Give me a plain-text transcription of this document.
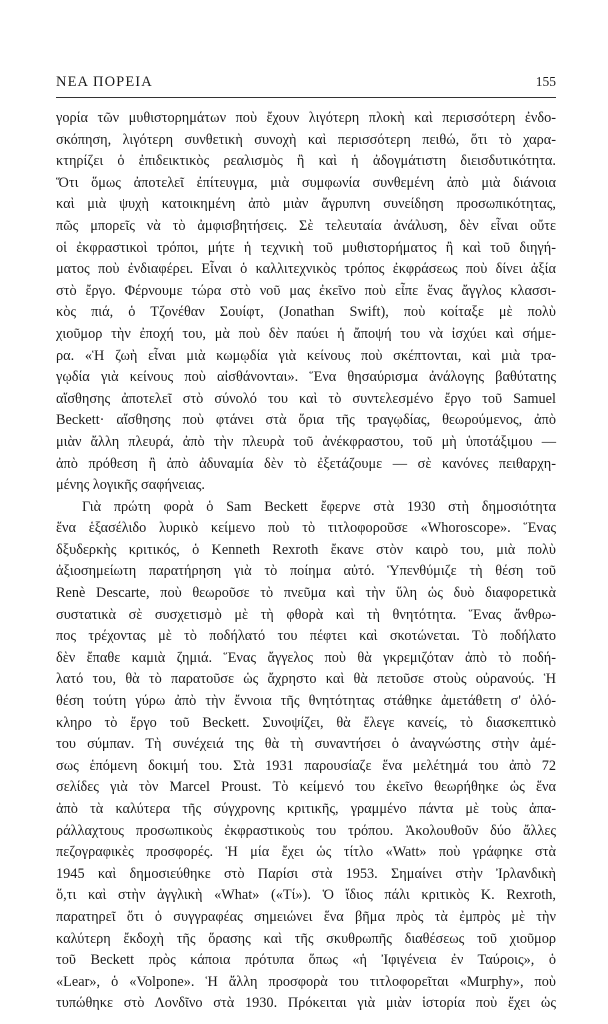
ΝΕΑ ΠΟΡΕΙΑ	155
γορία τῶν μυθιστορημάτων ποὺ ἔχουν λιγότερη πλοκὴ καὶ περισσότερη ἐνδο-
σκόπηση, λιγότερη συνθετικὴ συνοχὴ καὶ περισσότερη πειθώ, ὅτι τὸ χαρα-
κτηρίζει ὁ ἐπιδεικτικὸς ρεαλισμὸς ἢ καὶ ἡ ἀδογμάτιστη διεισδυτικότητα.
Ὅτι ὅμως ἀποτελεῖ ἐπίτευγμα, μιὰ συμφωνία συνθεμένη ἀπὸ μιὰ διάνοια
καὶ μιὰ ψυχὴ κατοικημένη ἀπὸ μιὰν ἄγρυπνη συνείδηση προσωπικότητας,
πῶς μπορεῖς νὰ τὸ ἀμφισβητήσεις. Σὲ τελευταία ἀνάλυση, δὲν εἶναι οὔτε
οἱ ἐκφραστικοὶ τρόποι, μήτε ἡ τεχνικὴ τοῦ μυθιστορήματος ἢ καὶ τοῦ διηγή-
ματος ποὺ ἐνδιαφέρει. Εἶναι ὁ καλλιτεχνικὸς τρόπος ἐκφράσεως ποὺ δίνει ἀξία
στὸ ἔργο. Φέρνουμε τώρα στὸ νοῦ μας ἐκεῖνο ποὺ εἶπε ἕνας ἄγγλος κλασσι-
κὸς πιά, ὁ Τζονέθαν Σουίφτ, (Jonathan Swift), ποὺ κοίταξε μὲ πολὺ
χιοῦμορ τὴν ἐποχή του, μὰ ποὺ δὲν παύει ἡ ἄποψή του νὰ ἰσχύει καὶ σήμε-
ρα. «Ἡ ζωὴ εἶναι μιὰ κωμῳδία γιὰ κείνους ποὺ σκέπτονται, καὶ μιὰ τρα-
γῳδία γιὰ κείνους ποὺ αἰσθάνονται». Ἕνα θησαύρισμα ἀνάλογης βαθύτατης
αἴσθησης ἀποτελεῖ στὸ σύνολό του καὶ τὸ συντελεσμένο ἔργο τοῦ Samuel
Beckett· αἴσθησης ποὺ φτάνει στὰ ὅρια τῆς τραγῳδίας, θεωρούμενος, ἀπὸ
μιὰν ἄλλη πλευρά, ἀπὸ τὴν πλευρὰ τοῦ ἀνέκφραστου, τοῦ μὴ ὑποτάξιμου —
ἀπὸ πρόθεση ἢ ἀπὸ ἀδυναμία δὲν τὸ ἐξετάζουμε — σὲ κανόνες πειθαρχη-
μένης λογικῆς σαφήνειας.
Γιὰ πρώτη φορὰ ὁ Sam Beckett ἔφερνε στὰ 1930 στὴ δημοσιότητα
ἕνα ἑξασέλιδο λυρικὸ κείμενο ποὺ τὸ τιτλοφοροῦσε «Whoroscope». Ἕνας
δξυδερκὴς κριτικός, ὁ Kenneth Rexroth ἔκανε στὸν καιρὸ του, μιὰ πολὺ
ἀξιοσημείωτη παρατήρηση γιὰ τὸ ποίημα αὐτό. Ὑπενθύμιζε τὴ θέση τοῦ
Renè Descarte, ποὺ θεωροῦσε τὸ πνεῦμα καὶ τὴν ὕλη ὡς δυὸ διαφορετικὰ
συστατικὰ σὲ συσχετισμὸ μὲ τὴ φθορὰ καὶ τὴ θνητότητα. Ἕνας ἄνθρω-
πος τρέχοντας μὲ τὸ ποδήλατό του πέφτει καὶ σκοτώνεται. Τὸ ποδήλατο
δὲν ἔπαθε καμιὰ ζημιά. Ἕνας ἄγγελος ποὺ θὰ γκρεμιζόταν ἀπὸ τὸ ποδή-
λατό του, θὰ τὸ παρατοῦσε ὡς ἄχρηστο καὶ θὰ πετοῦσε στοὺς οὐρανούς. Ἡ
θέση τούτη γύρω ἀπὸ τὴν ἔννοια τῆς θνητότητας στάθηκε ἀμετάθετη σ' ὁλό-
κληρο τὸ ἔργο τοῦ Beckett. Συνοψίζει, θὰ ἔλεγε κανείς, τὸ διασκεπτικὸ
του σύμπαν. Τὴ συνέχειά της θὰ τὴ συναντήσει ὁ ἀναγνώστης στὴν ἀμέ-
σως ἑπόμενη δοκιμή του. Στὰ 1931 παρουσίαζε ἕνα μελέτημά του ἀπὸ 72
σελίδες γιὰ τὸν Marcel Proust. Τὸ κείμενό του ἐκεῖνο θεωρήθηκε ὡς ἕνα
ἀπὸ τὰ καλύτερα τῆς σύγχρονης κριτικῆς, γραμμένο πάντα μὲ τοὺς ἀπα-
ράλλαχτους προσωπικοὺς ἐκφραστικοὺς του τρόπου. Ἀκολουθοῦν δύο ἄλλες
πεζογραφικὲς προσφορές. Ἡ μία ἔχει ὡς τίτλο «Watt» ποὺ γράφηκε στὰ
1945 καὶ δημοσιεύθηκε στὸ Παρίσι στὰ 1953. Σημαίνει στὴν Ἰρλανδικὴ
ὅ,τι καὶ στὴν ἀγγλικὴ «What» («Τί»). Ὁ ἴδιος πάλι κριτικὸς Κ. Rexroth,
παρατηρεῖ ὅτι ὁ συγγραφέας σημειώνει ἕνα βῆμα πρὸς τὰ ἐμπρὸς μὲ τὴν
καλύτερη ἔκδοχὴ τῆς ὅρασης καὶ τῆς σκυθρωπῆς διαθέσεως τοῦ χιοῦμορ
τοῦ Beckett πρὸς κάποια πρότυπα ὅπως «ἡ Ἰφιγένεια ἐν Ταύροις», ὁ
«Lear», ὁ «Volpone». Ἡ ἄλλη προσφορὰ του τιτλοφορεῖται «Murphy», ποὺ
τυπώθηκε στὸ Λονδῖνο στὰ 1930. Πρόκειται γιὰ μιὰν ἱστορία ποὺ ἔχει ὡς
